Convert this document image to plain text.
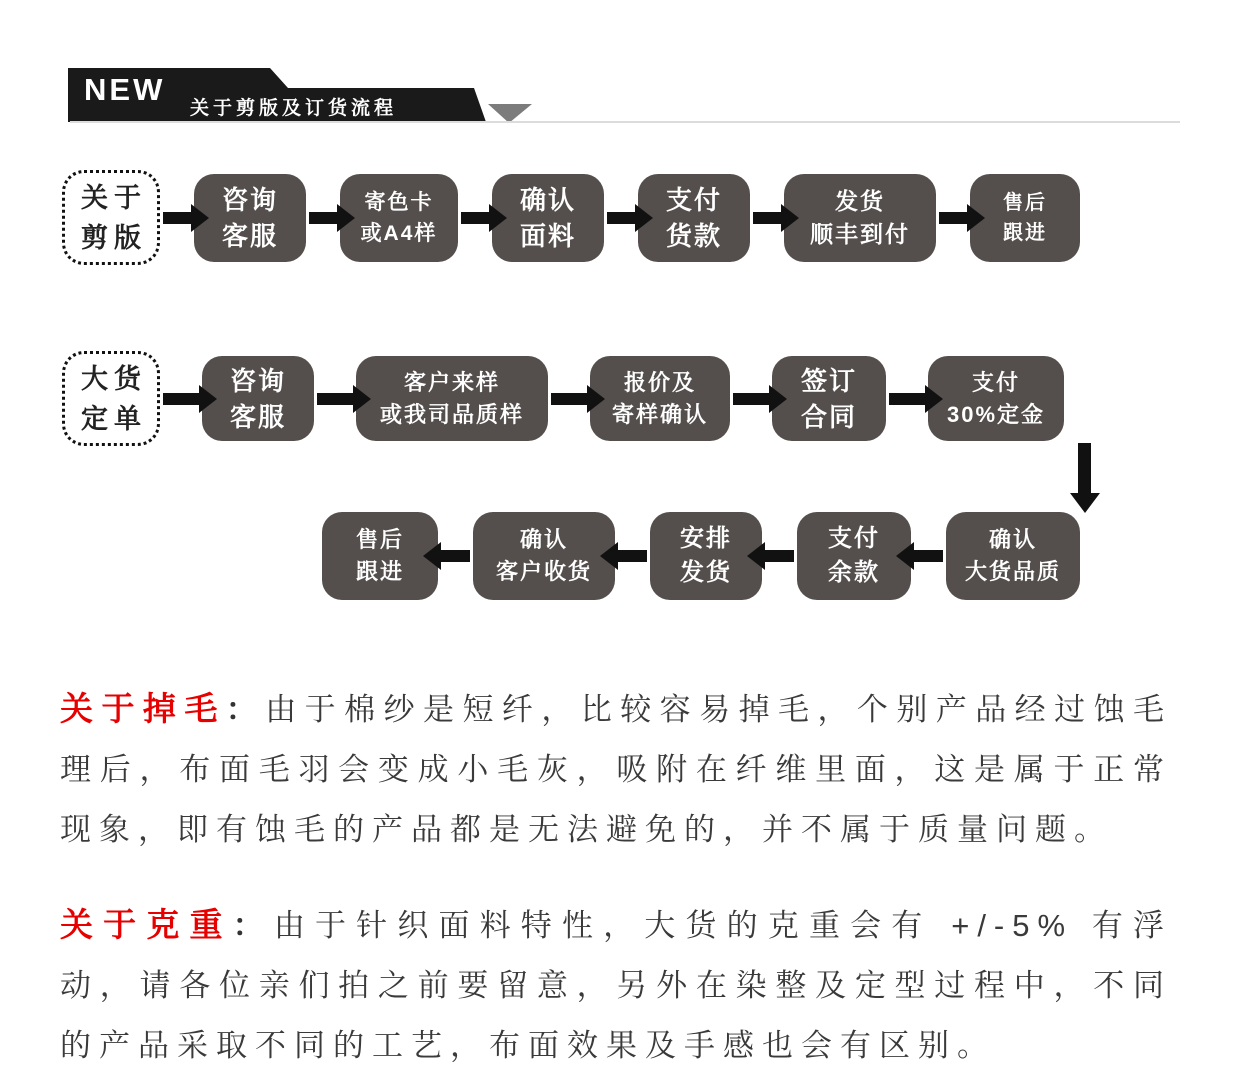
NEW
关于剪版及订货流程
关于
剪版
咨询
客服
寄色卡
或A4样
确认
面料
支付
货款
发货
顺丰到付
售后
跟进
大货
定单
咨询
客服
客户来样
或我司品质样
报价及
寄样确认
签订
合同
支付
30%定金
售后
跟进
确认
客户收货
安排
发货
支付
余款
确认
大货品质

关于掉毛：由于棉纱是短纤，比较容易掉毛，个别产品经过蚀毛理后，布面毛羽会变成小毛灰，吸附在纤维里面，这是属于正常现象，即有蚀毛的产品都是无法避免的，并不属于质量问题。

关于克重：由于针织面料特性，大货的克重会有 +/-5% 有浮动，请各位亲们拍之前要留意，另外在染整及定型过程中，不同的产品采取不同的工艺，布面效果及手感也会有区别。
